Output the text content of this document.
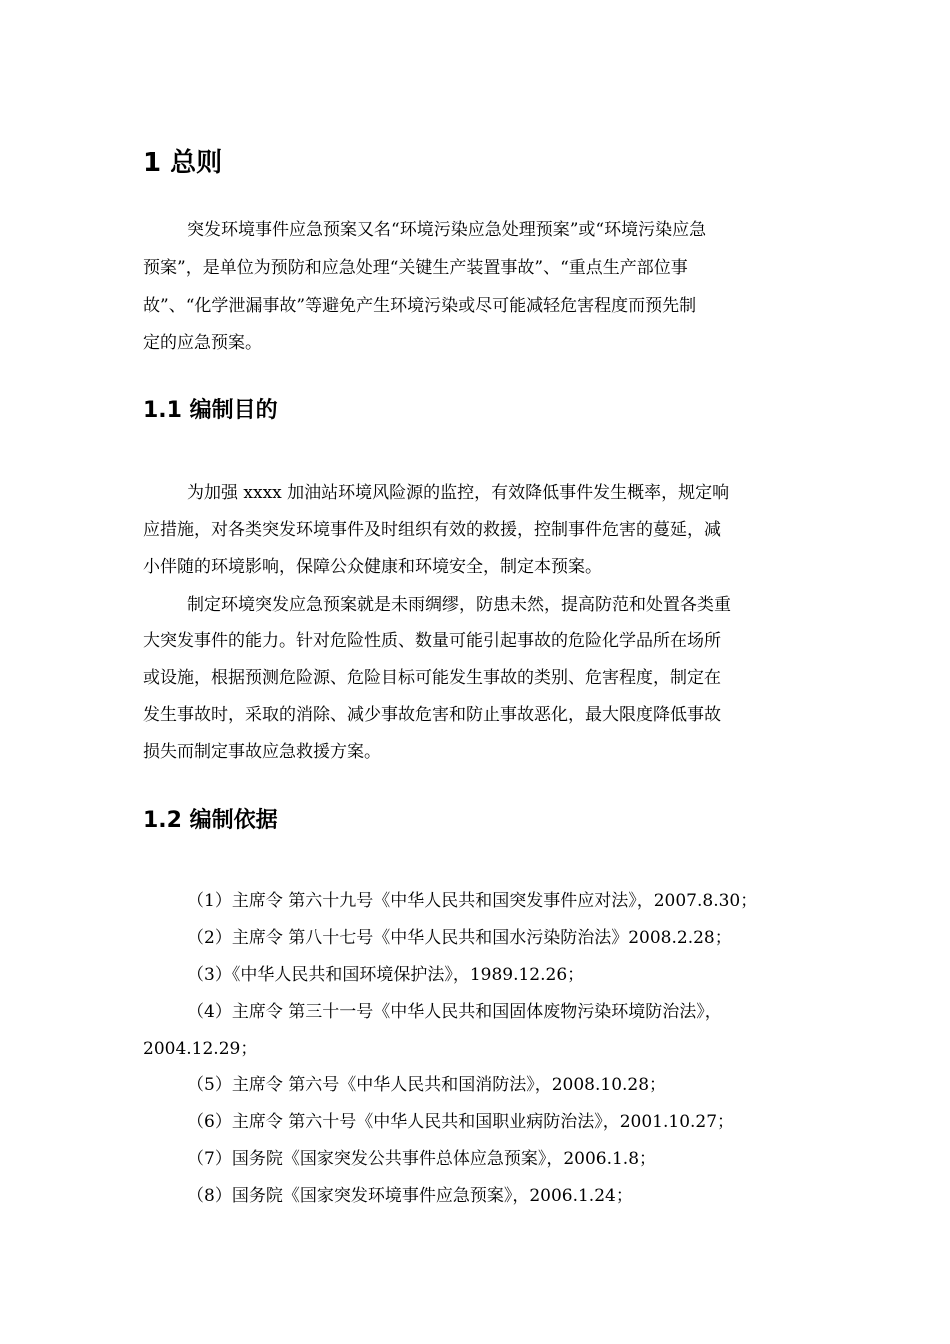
1 总则

突发环境事件应急预案又名“环境污染应急处理预案”或“环境污染应急

预案”，是单位为预防和应急处理“关键生产装置事故”、“重点生产部位事

故”、“化学泄漏事故”等避免产生环境污染或尽可能减轻危害程度而预先制

定的应急预案。

1.1 编制目的

为加强 xxxx 加油站环境风险源的监控，有效降低事件发生概率，规定响

应措施，对各类突发环境事件及时组织有效的救援，控制事件危害的蔓延，减

小伴随的环境影响，保障公众健康和环境安全，制定本预案。

制定环境突发应急预案就是未雨绸缪，防患未然，提高防范和处置各类重

大突发事件的能力。针对危险性质、数量可能引起事故的危险化学品所在场所

或设施，根据预测危险源、危险目标可能发生事故的类别、危害程度，制定在

发生事故时，采取的消除、减少事故危害和防止事故恶化，最大限度降低事故

损失而制定事故应急救援方案。

1.2 编制依据

（1）主席令 第六十九号《中华人民共和国突发事件应对法》，2007.8.30；

（2）主席令 第八十七号《中华人民共和国水污染防治法》2008.2.28；

（3）《中华人民共和国环境保护法》，1989.12.26；

（4）主席令 第三十一号《中华人民共和国固体废物污染环境防治法》，

2004.12.29；

（5）主席令 第六号《中华人民共和国消防法》，2008.10.28；

（6）主席令 第六十号《中华人民共和国职业病防治法》，2001.10.27；

（7）国务院《国家突发公共事件总体应急预案》，2006.1.8；

（8）国务院《国家突发环境事件应急预案》，2006.1.24；
